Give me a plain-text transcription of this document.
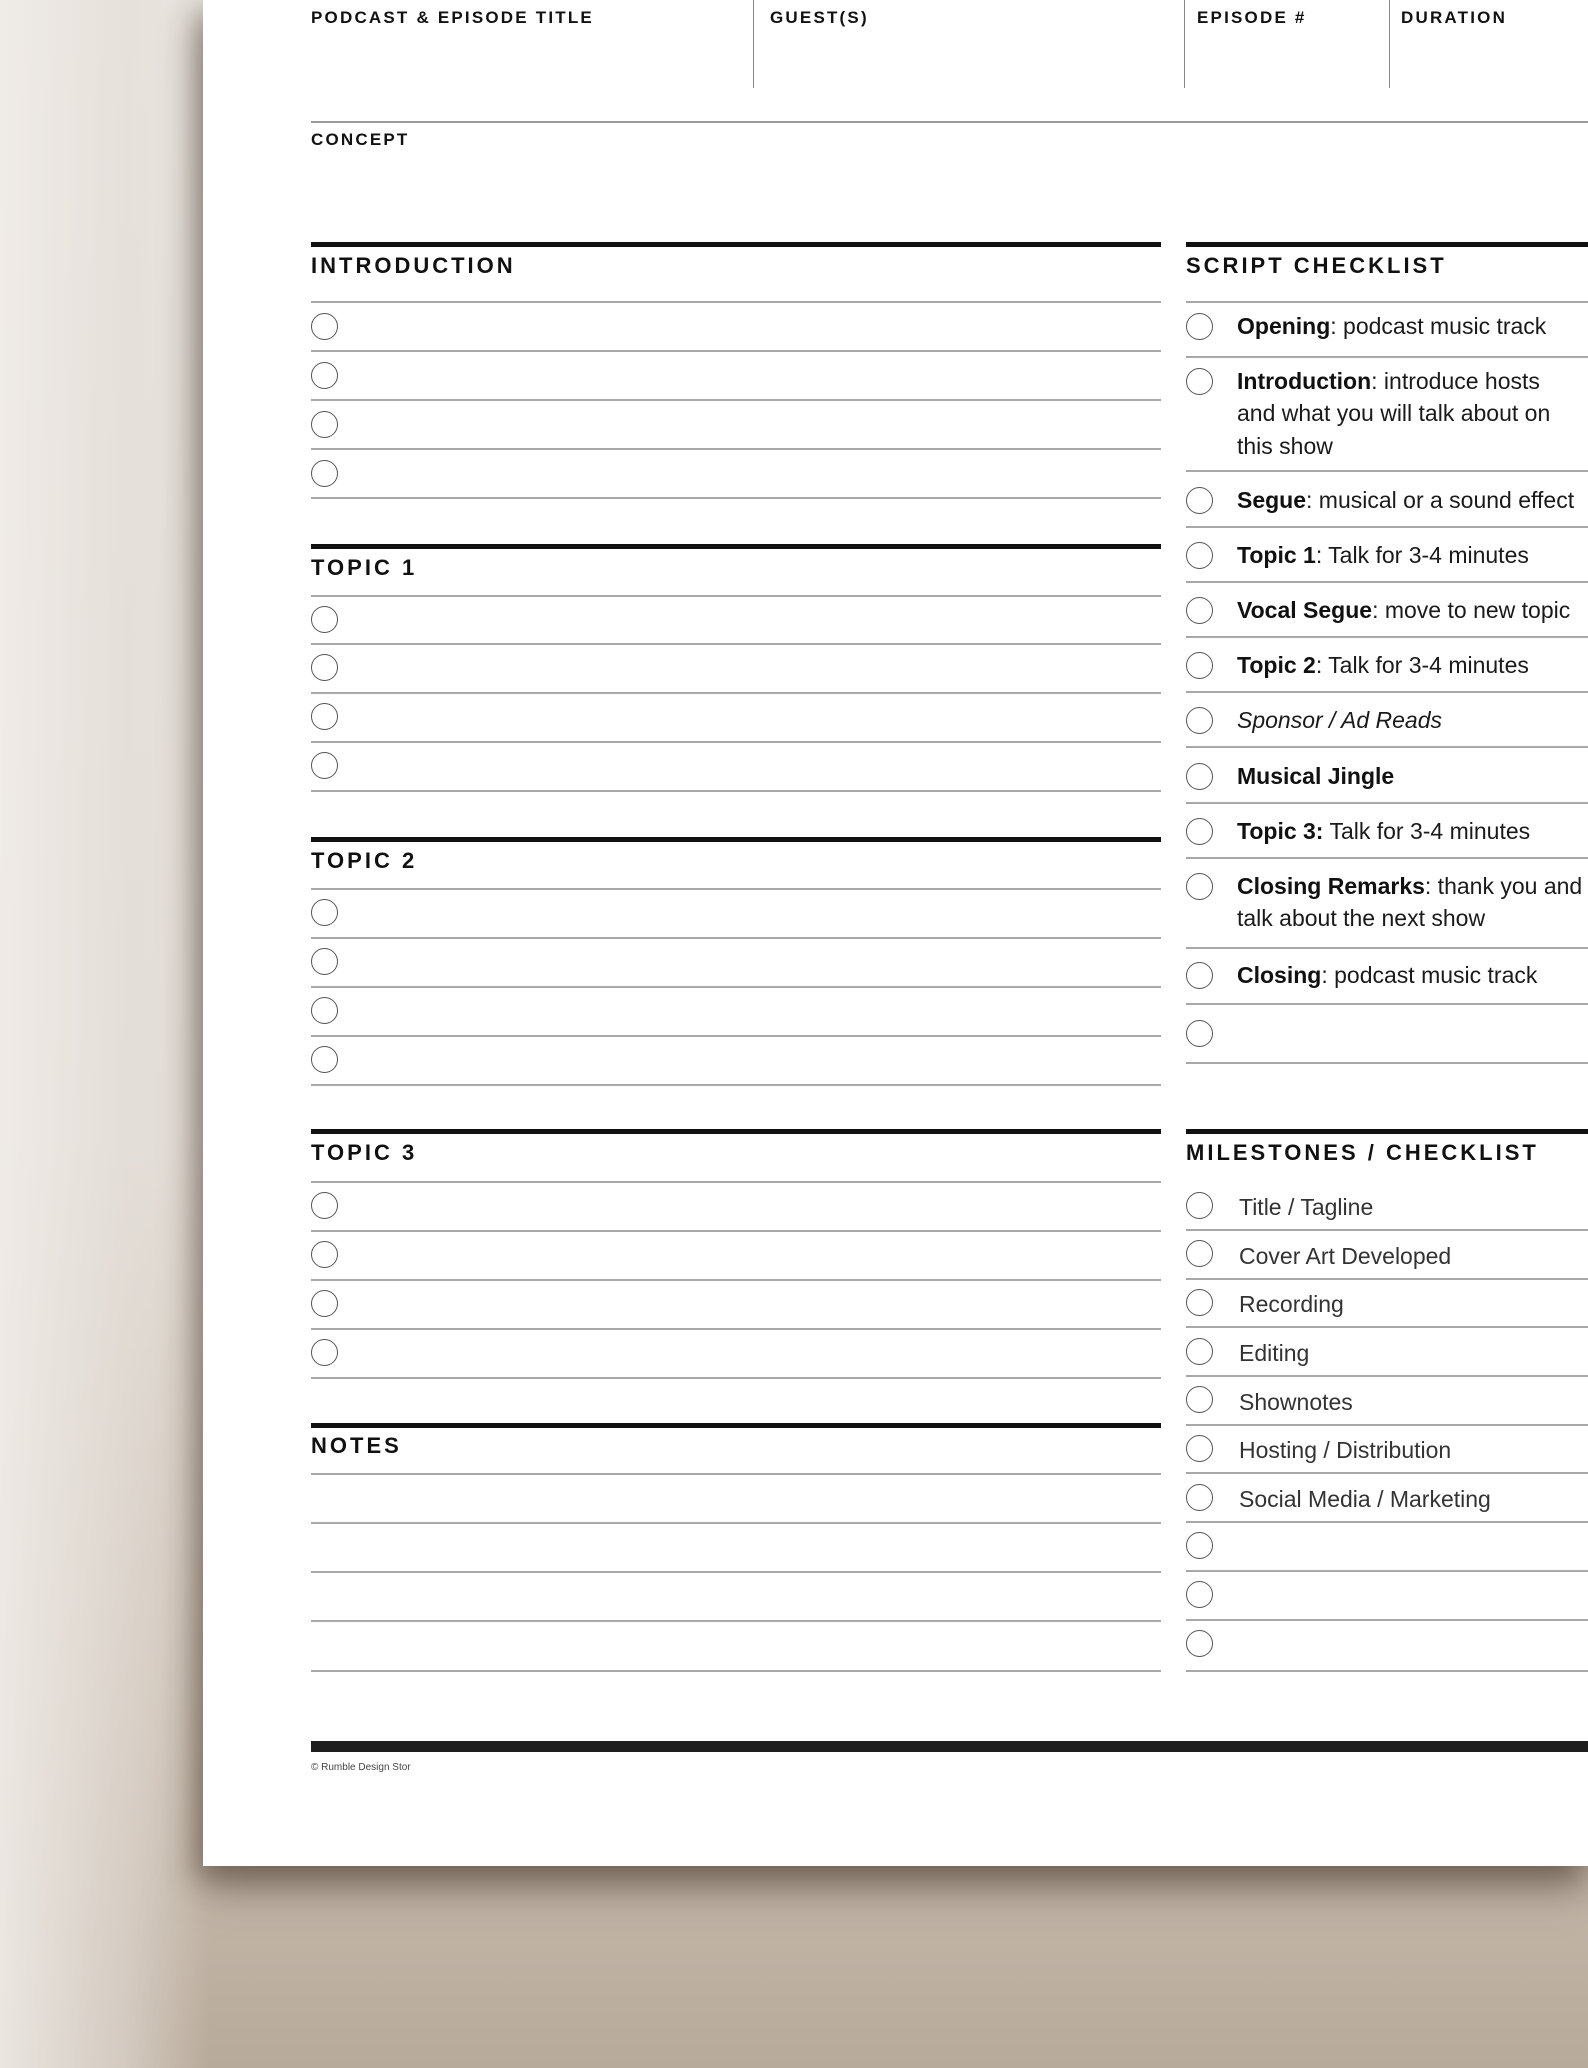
PODCAST & EPISODE TITLE	GUEST(S)	EPISODE #	DURATION
CONCEPT
INTRODUCTION
TOPIC 1
TOPIC 2
TOPIC 3
NOTES
SCRIPT CHECKLIST
Opening: podcast music track
Introduction: introduce hosts
and what you will talk about on
this show
Segue: musical or a sound effect
Topic 1: Talk for 3-4 minutes
Vocal Segue: move to new topic
Topic 2: Talk for 3-4 minutes
Sponsor / Ad Reads
Musical Jingle
Topic 3: Talk for 3-4 minutes
Closing Remarks: thank you and
talk about the next show
Closing: podcast music track
MILESTONES / CHECKLIST
Title / Tagline
Cover Art Developed
Recording
Editing
Shownotes
Hosting / Distribution
Social Media / Marketing
© Rumble Design Stor
